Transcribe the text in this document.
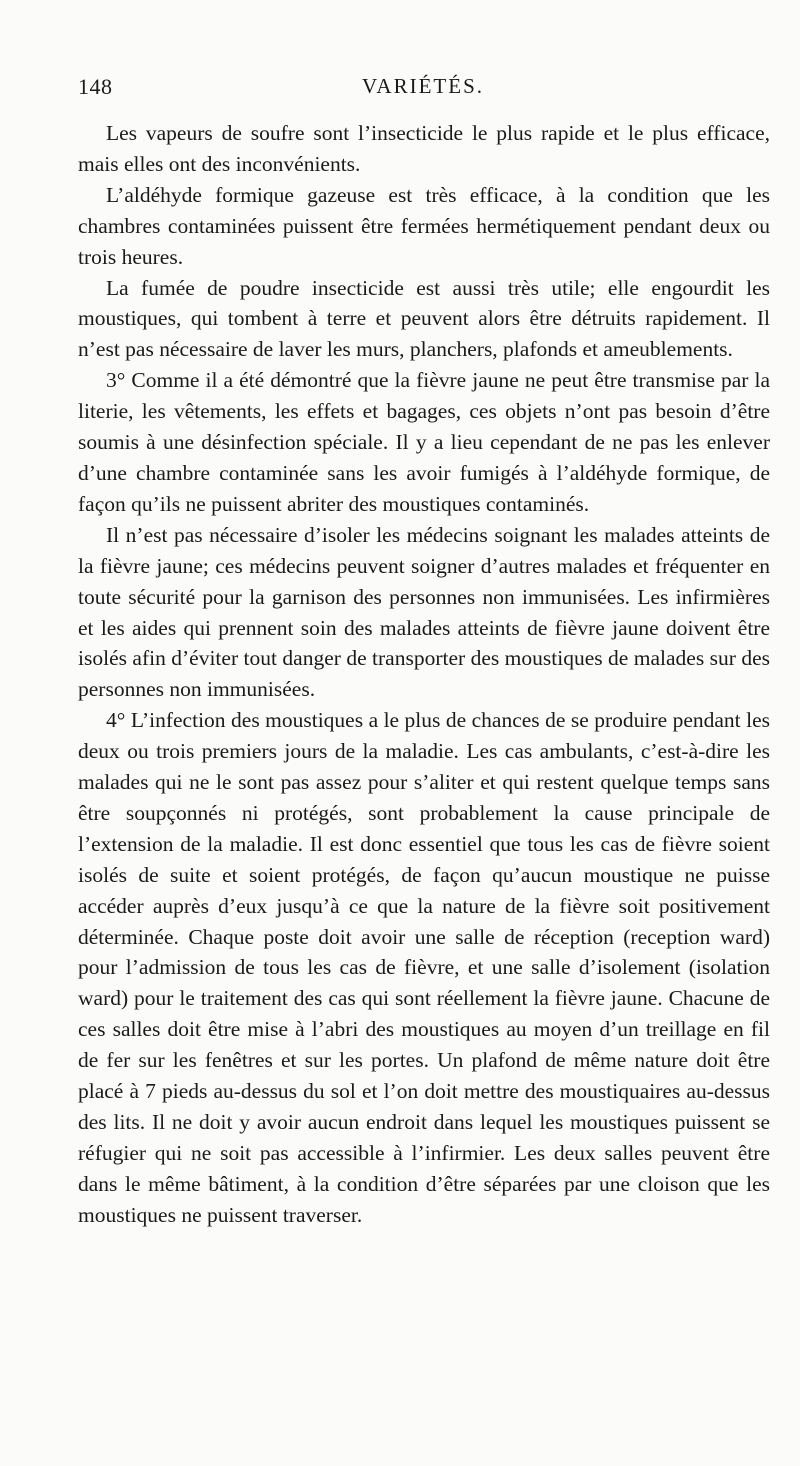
148	VARIÉTÉS.

Les vapeurs de soufre sont l’insecticide le plus rapide et le plus efficace, mais elles ont des inconvénients.

L’aldéhyde formique gazeuse est très efficace, à la condition que les chambres contaminées puissent être fermées hermétiquement pendant deux ou trois heures.

La fumée de poudre insecticide est aussi très utile; elle engourdit les moustiques, qui tombent à terre et peuvent alors être détruits rapidement. Il n’est pas nécessaire de laver les murs, planchers, plafonds et ameublements.

3° Comme il a été démontré que la fièvre jaune ne peut être transmise par la literie, les vêtements, les effets et bagages, ces objets n’ont pas besoin d’être soumis à une désinfection spéciale. Il y a lieu cependant de ne pas les enlever d’une chambre contaminée sans les avoir fumigés à l’aldéhyde formique, de façon qu’ils ne puissent abriter des moustiques contaminés.

Il n’est pas nécessaire d’isoler les médecins soignant les malades atteints de la fièvre jaune; ces médecins peuvent soigner d’autres malades et fréquenter en toute sécurité pour la garnison des personnes non immunisées. Les infirmières et les aides qui prennent soin des malades atteints de fièvre jaune doivent être isolés afin d’éviter tout danger de transporter des moustiques de malades sur des personnes non immunisées.

4° L’infection des moustiques a le plus de chances de se produire pendant les deux ou trois premiers jours de la maladie. Les cas ambulants, c’est-à-dire les malades qui ne le sont pas assez pour s’aliter et qui restent quelque temps sans être soupçonnés ni protégés, sont probablement la cause principale de l’extension de la maladie. Il est donc essentiel que tous les cas de fièvre soient isolés de suite et soient protégés, de façon qu’aucun moustique ne puisse accéder auprès d’eux jusqu’à ce que la nature de la fièvre soit positivement déterminée. Chaque poste doit avoir une salle de réception (reception ward) pour l’admission de tous les cas de fièvre, et une salle d’isolement (isolation ward) pour le traitement des cas qui sont réellement la fièvre jaune. Chacune de ces salles doit être mise à l’abri des moustiques au moyen d’un treillage en fil de fer sur les fenêtres et sur les portes. Un plafond de même nature doit être placé à 7 pieds au-dessus du sol et l’on doit mettre des moustiquaires au-dessus des lits. Il ne doit y avoir aucun endroit dans lequel les moustiques puissent se réfugier qui ne soit pas accessible à l’infirmier. Les deux salles peuvent être dans le même bâtiment, à la condition d’être séparées par une cloison que les moustiques ne puissent traverser.
